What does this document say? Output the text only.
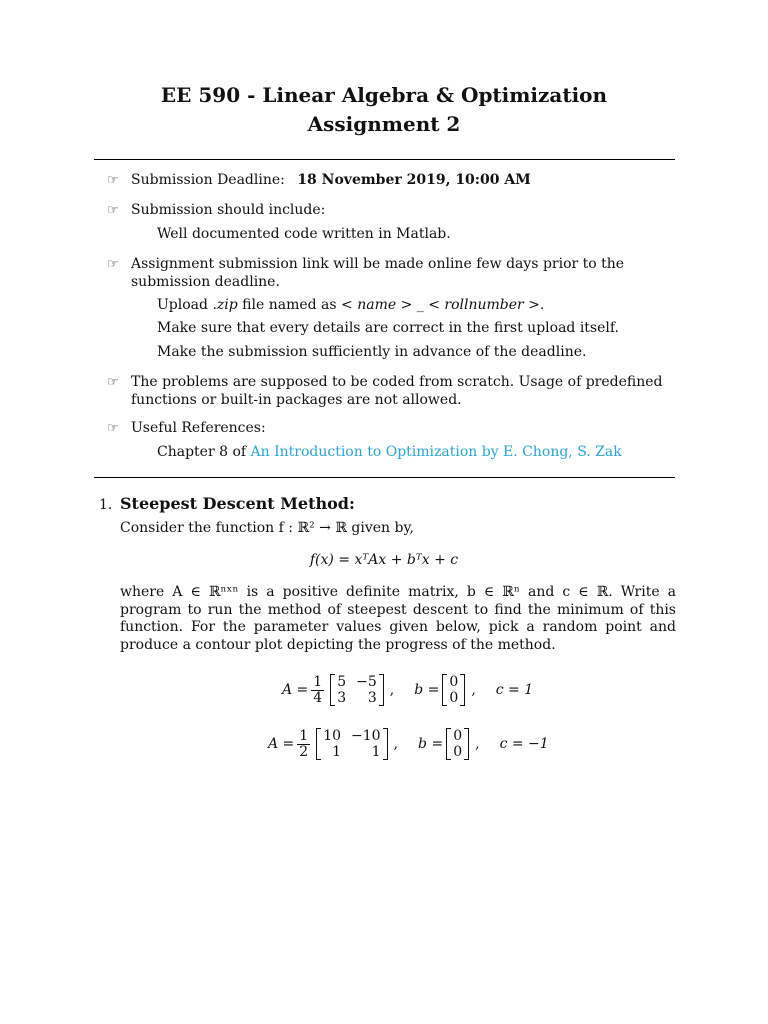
EE 590 - Linear Algebra & Optimization
Assignment 2
☞ Submission Deadline: 18 November 2019, 10:00 AM
☞ Submission should include:
Well documented code written in Matlab.
☞ Assignment submission link will be made online few days prior to the submission deadline.
Upload .zip file named as < name > _ < rollnumber >.
Make sure that every details are correct in the first upload itself.
Make the submission sufficiently in advance of the deadline.
☞ The problems are supposed to be coded from scratch. Usage of predefined functions or built-in packages are not allowed.
☞ Useful References:
Chapter 8 of An Introduction to Optimization by E. Chong, S. Zak
1. Steepest Descent Method:
Consider the function f : ℝ² → ℝ given by,
f(x) = xᵀAx + bᵀx + c
where A ∈ ℝⁿˣⁿ is a positive definite matrix, b ∈ ℝⁿ and c ∈ ℝ. Write a program to run the method of steepest descent to find the minimum of this function. For the parameter values given below, pick a random point and produce a contour plot depicting the progress of the method.
$A = \frac{1}{4} 5 -5$
3	3 , b = 0
0 , c = 1
$A = \frac{1}{2} 10 -10$
1	1 , b = 0
0 , c = −1
